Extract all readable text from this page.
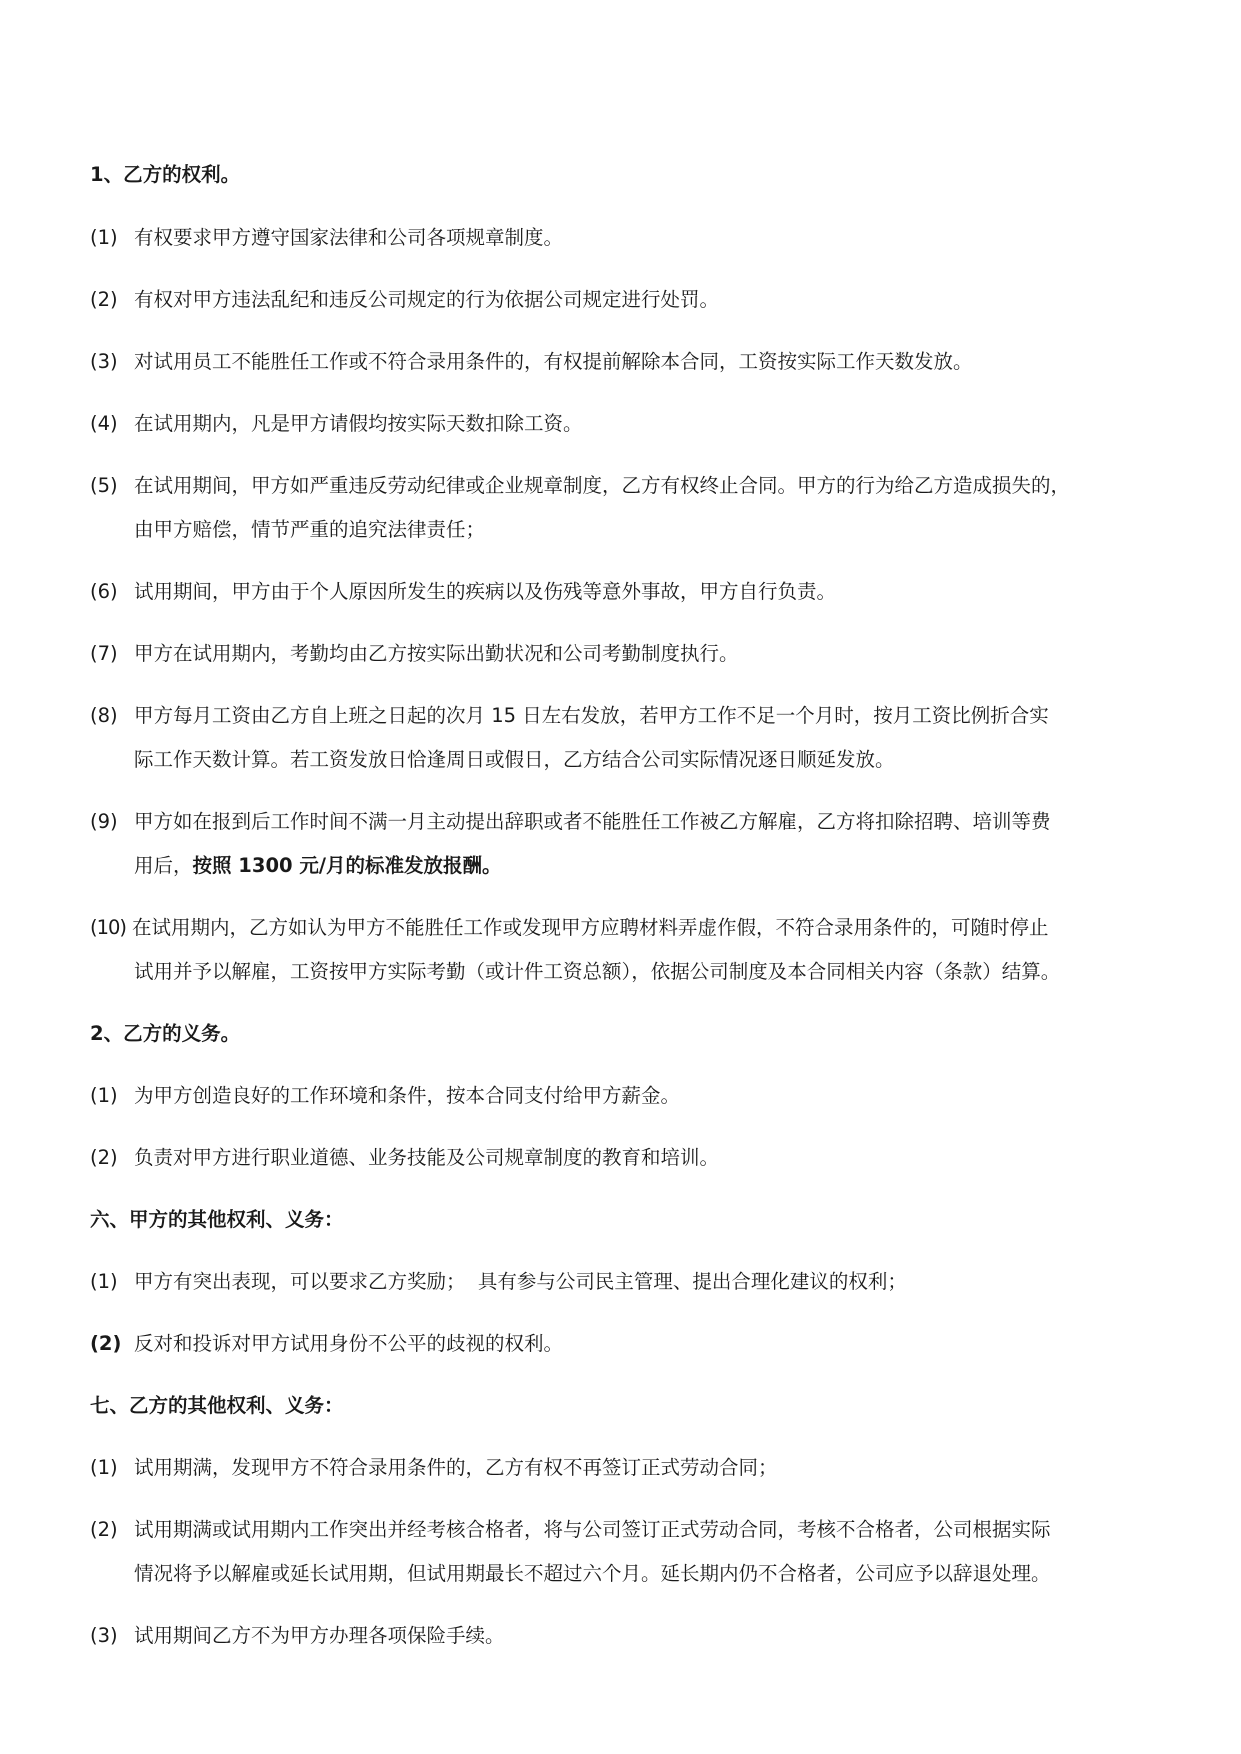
1、乙方的权利。
(1) 有权要求甲方遵守国家法律和公司各项规章制度。
(2) 有权对甲方违法乱纪和违反公司规定的行为依据公司规定进行处罚。
(3) 对试用员工不能胜任工作或不符合录用条件的，有权提前解除本合同，工资按实际工作天数发放。
(4) 在试用期内，凡是甲方请假均按实际天数扣除工资。
(5) 在试用期间，甲方如严重违反劳动纪律或企业规章制度，乙方有权终止合同。甲方的行为给乙方造成损失的，
由甲方赔偿，情节严重的追究法律责任；
(6) 试用期间，甲方由于个人原因所发生的疾病以及伤残等意外事故，甲方自行负责。
(7) 甲方在试用期内，考勤均由乙方按实际出勤状况和公司考勤制度执行。
(8) 甲方每月工资由乙方自上班之日起的次月 15 日左右发放，若甲方工作不足一个月时，按月工资比例折合实
际工作天数计算。若工资发放日恰逢周日或假日，乙方结合公司实际情况逐日顺延发放。
(9) 甲方如在报到后工作时间不满一月主动提出辞职或者不能胜任工作被乙方解雇，乙方将扣除招聘、培训等费
用后，按照 1300 元/月的标准发放报酬。
(10) 在试用期内，乙方如认为甲方不能胜任工作或发现甲方应聘材料弄虚作假，不符合录用条件的，可随时停止
试用并予以解雇，工资按甲方实际考勤（或计件工资总额），依据公司制度及本合同相关内容（条款）结算。
2、乙方的义务。
(1) 为甲方创造良好的工作环境和条件，按本合同支付给甲方薪金。
(2) 负责对甲方进行职业道德、业务技能及公司规章制度的教育和培训。
六、甲方的其他权利、义务：
(1) 甲方有突出表现，可以要求乙方奖励；  具有参与公司民主管理、提出合理化建议的权利；
(2) 反对和投诉对甲方试用身份不公平的歧视的权利。
七、乙方的其他权利、义务：
(1) 试用期满，发现甲方不符合录用条件的，乙方有权不再签订正式劳动合同；
(2) 试用期满或试用期内工作突出并经考核合格者，将与公司签订正式劳动合同，考核不合格者，公司根据实际
情况将予以解雇或延长试用期，但试用期最长不超过六个月。延长期内仍不合格者，公司应予以辞退处理。
(3) 试用期间乙方不为甲方办理各项保险手续。
